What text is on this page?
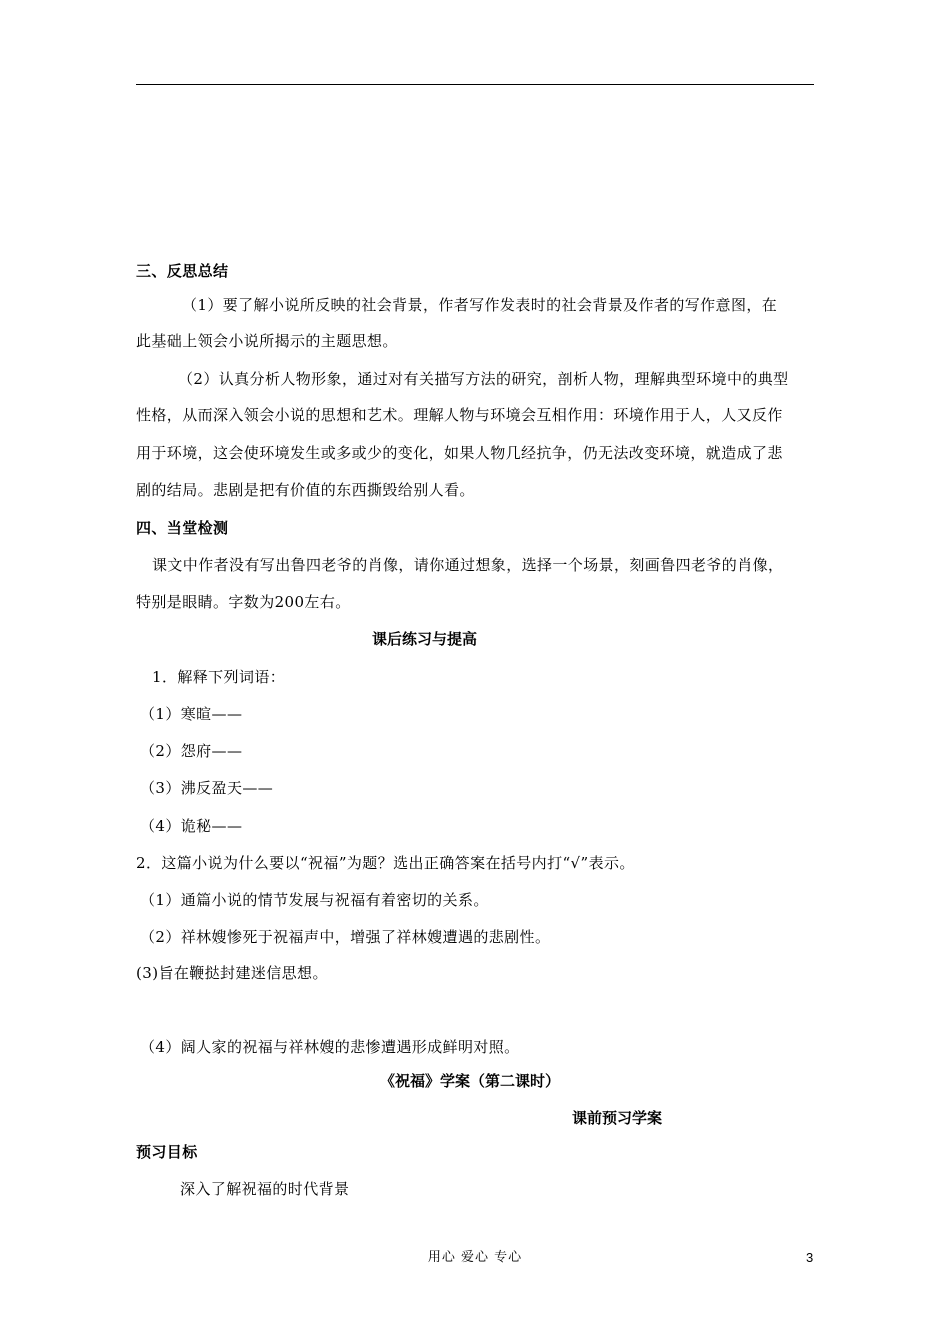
三、反思总结
（1）要了解小说所反映的社会背景，作者写作发表时的社会背景及作者的写作意图，在
此基础上领会小说所揭示的主题思想。
（2）认真分析人物形象，通过对有关描写方法的研究，剖析人物，理解典型环境中的典型
性格，从而深入领会小说的思想和艺术。理解人物与环境会互相作用：环境作用于人，人又反作
用于环境，这会使环境发生或多或少的变化，如果人物几经抗争，仍无法改变环境，就造成了悲
剧的结局。悲剧是把有价值的东西撕毁给别人看。
四、当堂检测
课文中作者没有写出鲁四老爷的肖像，请你通过想象，选择一个场景，刻画鲁四老爷的肖像，
特别是眼睛。字数为200左右。
课后练习与提高
1．解释下列词语：
（1）寒暄——
（2）怨府——
（3）沸反盈天——
（4）诡秘——
2．这篇小说为什么要以“祝福”为题？选出正确答案在括号内打“√”表示。
（1）通篇小说的情节发展与祝福有着密切的关系。
（2）祥林嫂惨死于祝福声中，增强了祥林嫂遭遇的悲剧性。
(3)旨在鞭挞封建迷信思想。
（4）阔人家的祝福与祥林嫂的悲惨遭遇形成鲜明对照。
《祝福》学案（第二课时）
课前预习学案
预习目标
深入了解祝福的时代背景
用心 爱心 专心	3
